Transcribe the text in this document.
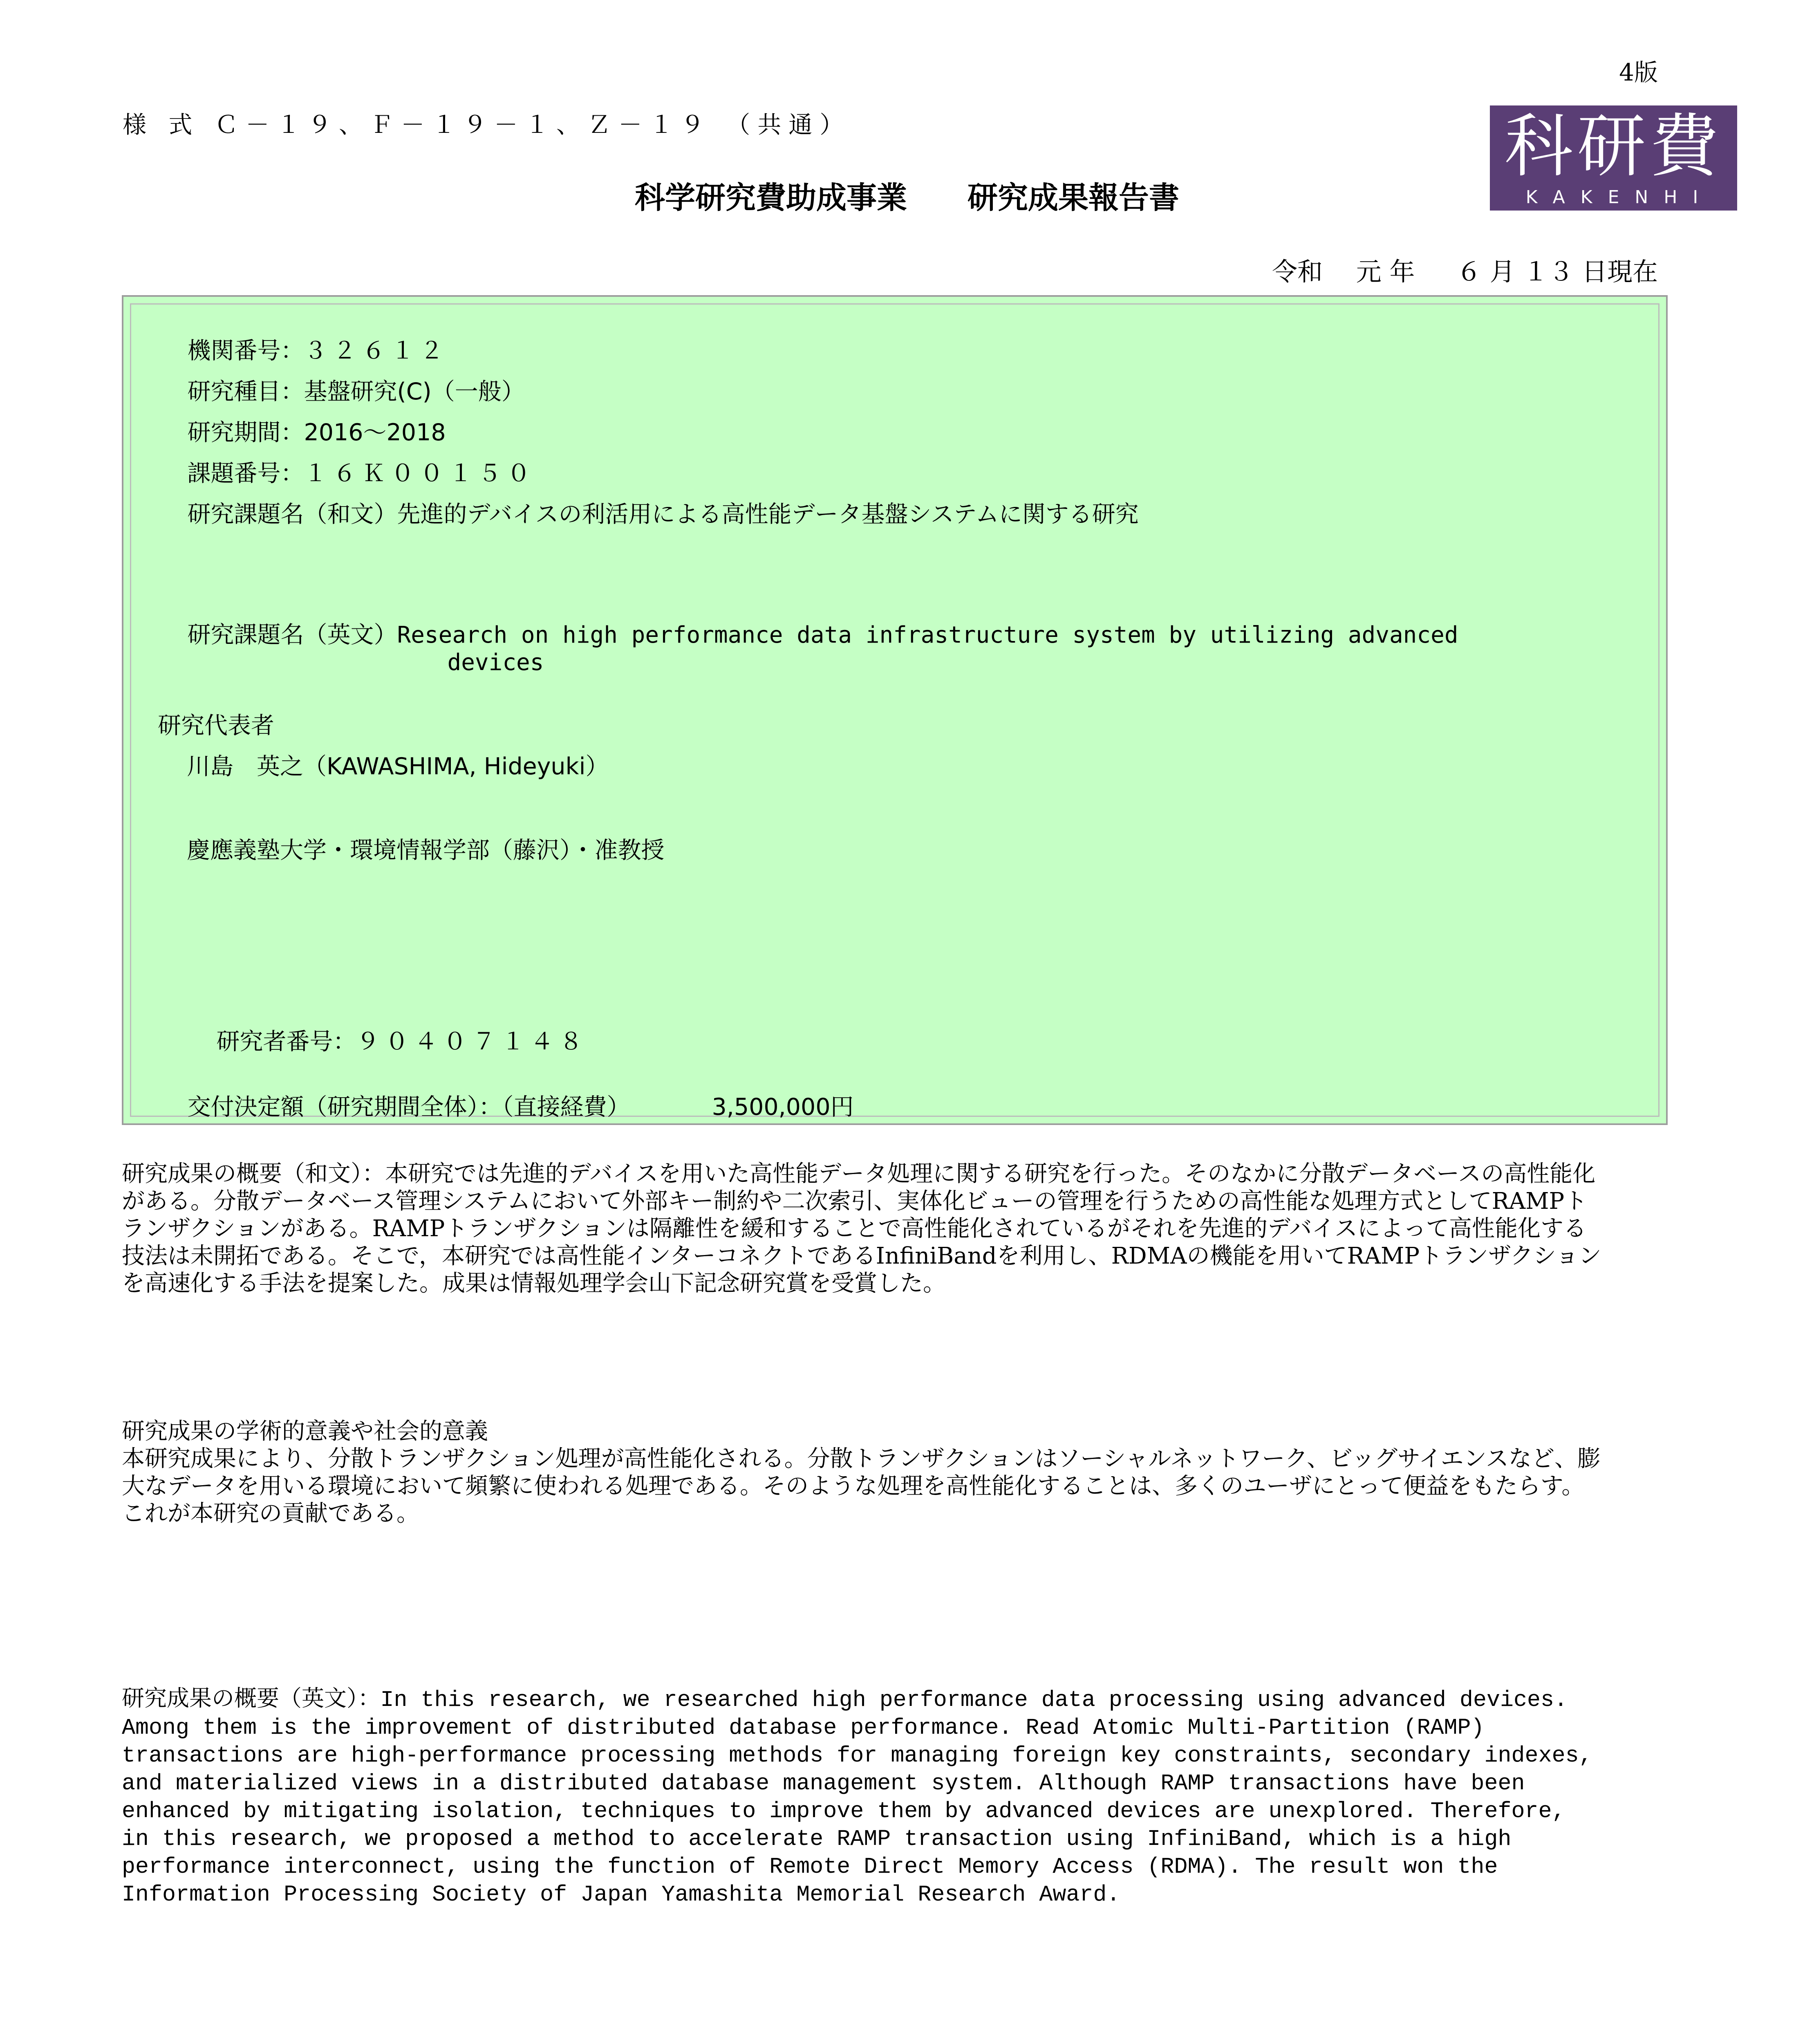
4版
様 式 Ｃ－１９、Ｆ－１９－１、Ｚ－１９ （共通）	科研費
KAKENHI
科学研究費助成事業　　研究成果報告書
令和　 元 年 　 ６ 月 １３ 日現在

機関番号：３２６１２

研究種目：基盤研究(C)（一般）

研究期間：2016～2018

課題番号：１６Ｋ００１５０

研究課題名（和文）先進的デバイスの利活用による高性能データ基盤システムに関する研究

研究課題名（英文）Research on high performance data infrastructure system by utilizing advanced

devices

研究代表者
川島　英之（KAWASHIMA, Hideyuki）
慶應義塾大学・環境情報学部（藤沢）・准教授

研究者番号：９０４０７１４８

交付決定額（研究期間全体）：（直接経費）	3,500,000円

研究成果の概要（和文）：本研究では先進的デバイスを用いた高性能データ処理に関する研究を行った。そのなかに分散データベースの高性能化がある。分散データベース管理システムにおいて外部キー制約や二次索引、実体化ビューの管理を行うための高性能な処理方式としてRAMPトランザクションがある。RAMPトランザクションは隔離性を緩和することで高性能化されているがそれを先進的デバイスによって高性能化する技法は未開拓である。そこで，本研究では高性能インターコネクトであるInfiniBandを利用し、RDMAの機能を用いてRAMPトランザクションを高速化する手法を提案した。成果は情報処理学会山下記念研究賞を受賞した。
研究成果の学術的意義や社会的意義
本研究成果により、分散トランザクション処理が高性能化される。分散トランザクションはソーシャルネットワーク、ビッグサイエンスなど、膨大なデータを用いる環境において頻繁に使われる処理である。そのような処理を高性能化することは、多くのユーザにとって便益をもたらす。これが本研究の貢献である。
研究成果の概要（英文）：In this research, we researched high performance data processing using advanced devices. Among them is the improvement of distributed database performance. Read Atomic Multi-Partition (RAMP) transactions are high-performance processing methods for managing foreign key constraints, secondary indexes, and materialized views in a distributed database management system. Although RAMP transactions have been enhanced by mitigating isolation, techniques to improve them by advanced devices are unexplored. Therefore, in this research, we proposed a method to accelerate RAMP transaction using InfiniBand, which is a high performance interconnect, using the function of Remote Direct Memory Access (RDMA). The result won the Information Processing Society of Japan Yamashita Memorial Research Award.
